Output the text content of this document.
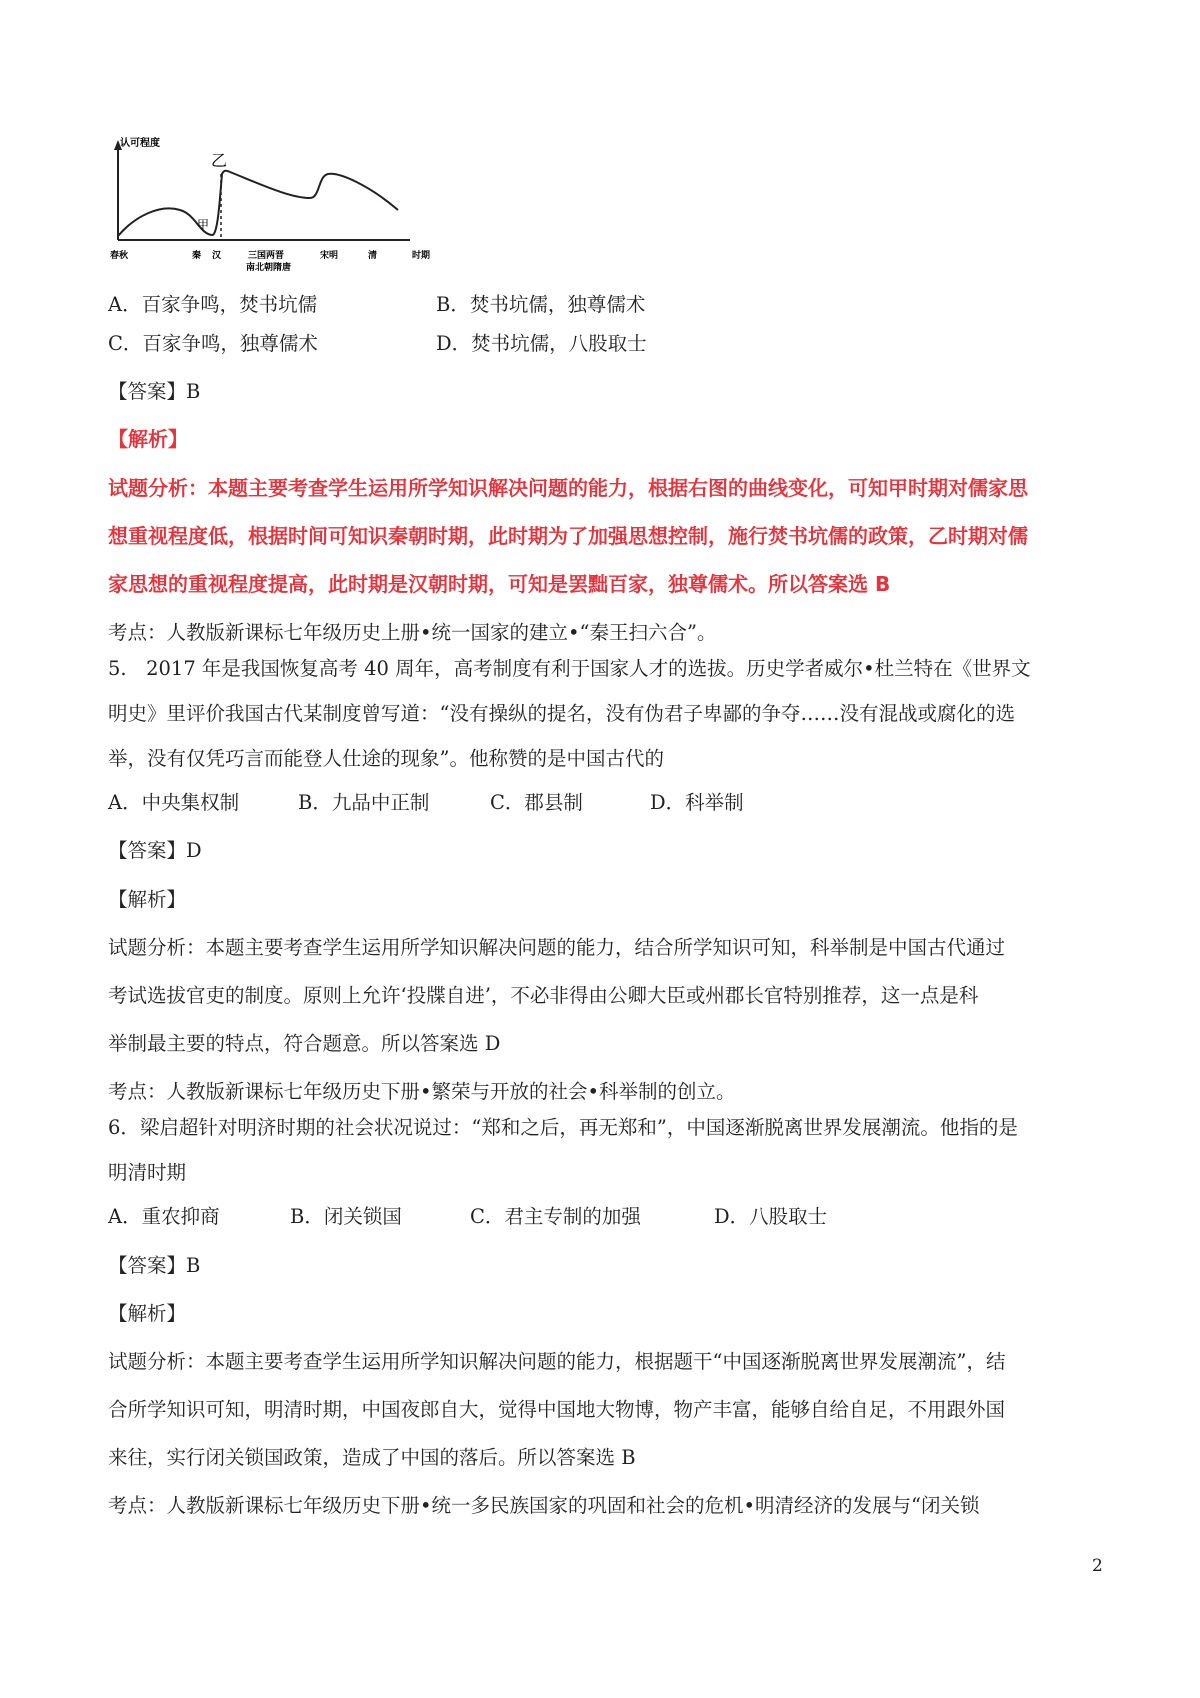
认可程度
乙
甲
春秋	秦 汉	三国两晋
南北朝隋唐
宋明	清	时期
A．百家争鸣，焚书坑儒	B．焚书坑儒，独尊儒术
C．百家争鸣，独尊儒术	D．焚书坑儒，八股取士
【答案】B
【解析】
试题分析：本题主要考查学生运用所学知识解决问题的能力，根据右图的曲线变化，可知甲时期对儒家思
想重视程度低，根据时间可知识秦朝时期，此时期为了加强思想控制，施行焚书坑儒的政策，乙时期对儒
家思想的重视程度提高，此时期是汉朝时期，可知是罢黜百家，独尊儒术。所以答案选 B
考点：人教版新课标七年级历史上册•统一国家的建立•“秦王扫六合”。
5.　2017 年是我国恢复高考 40 周年，高考制度有利于国家人才的选拔。历史学者威尔•杜兰特在《世界文
明史》里评价我国古代某制度曾写道：“没有操纵的提名，没有伪君子卑鄙的争夺……没有混战或腐化的选
举，没有仅凭巧言而能登人仕途的现象”。他称赞的是中国古代的
A．中央集权制	B．九品中正制	C．郡县制	D．科举制
【答案】D
【解析】
试题分析：本题主要考查学生运用所学知识解决问题的能力，结合所学知识可知，科举制是中国古代通过
考试选拔官吏的制度。原则上允许‘投牒自进’，不必非得由公卿大臣或州郡长官特别推荐，这一点是科
举制最主要的特点，符合题意。所以答案选 D
考点：人教版新课标七年级历史下册•繁荣与开放的社会•科举制的创立。
6．梁启超针对明济时期的社会状况说过：“郑和之后，再无郑和”，中国逐渐脱离世界发展潮流。他指的是
明清时期
A．重农抑商	B．闭关锁国	C．君主专制的加强	D．八股取士
【答案】B
【解析】
试题分析：本题主要考查学生运用所学知识解决问题的能力，根据题干“中国逐渐脱离世界发展潮流”，结
合所学知识可知，明清时期，中国夜郎自大，觉得中国地大物博，物产丰富，能够自给自足，不用跟外国
来往，实行闭关锁国政策，造成了中国的落后。所以答案选 B
考点：人教版新课标七年级历史下册•统一多民族国家的巩固和社会的危机•明清经济的发展与“闭关锁
2
